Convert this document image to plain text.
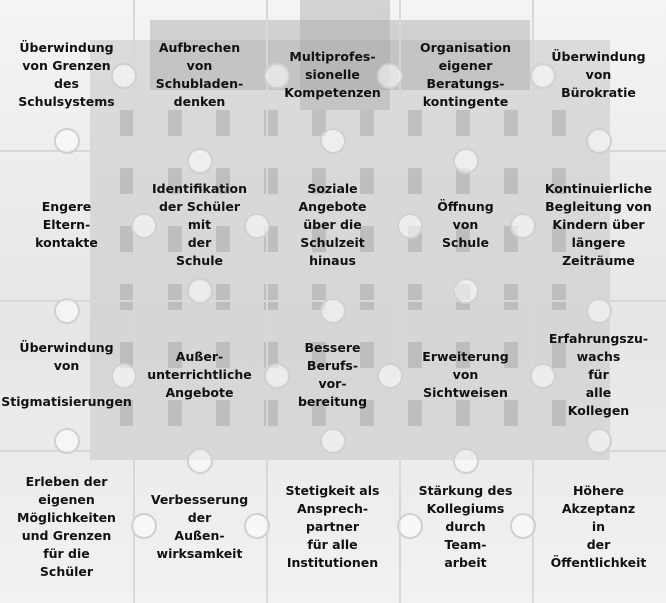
Überwindung
von Grenzen
des
Schulsystems
Aufbrechen
von
Schubladen-
denken
Multiprofes-
sionelle
Kompetenzen
Organisation
eigener
Beratungs-
kontingente
Überwindung
von
Bürokratie
Engere
Eltern-
kontakte
Identifikation
der Schüler
mit
der
Schule
Soziale
Angebote
über die
Schulzeit
hinaus
Öffnung
von
Schule
Kontinuierliche
Begleitung von
Kindern über
längere
Zeiträume
Überwindung
von

Stigmatisierungen
Außer-
unterrichtliche
Angebote
Bessere
Berufs-
vor-
bereitung
Erweiterung
von
Sichtweisen
Erfahrungszu-
wachs
für
alle
Kollegen
Erleben der
eigenen
Möglichkeiten
und Grenzen
für die
Schüler
Verbesserung
der
Außen-
wirksamkeit
Stetigkeit als
Ansprech-
partner
für alle
Institutionen
Stärkung des
Kollegiums
durch
Team-
arbeit
Höhere
Akzeptanz
in
der
Öffentlichkeit
